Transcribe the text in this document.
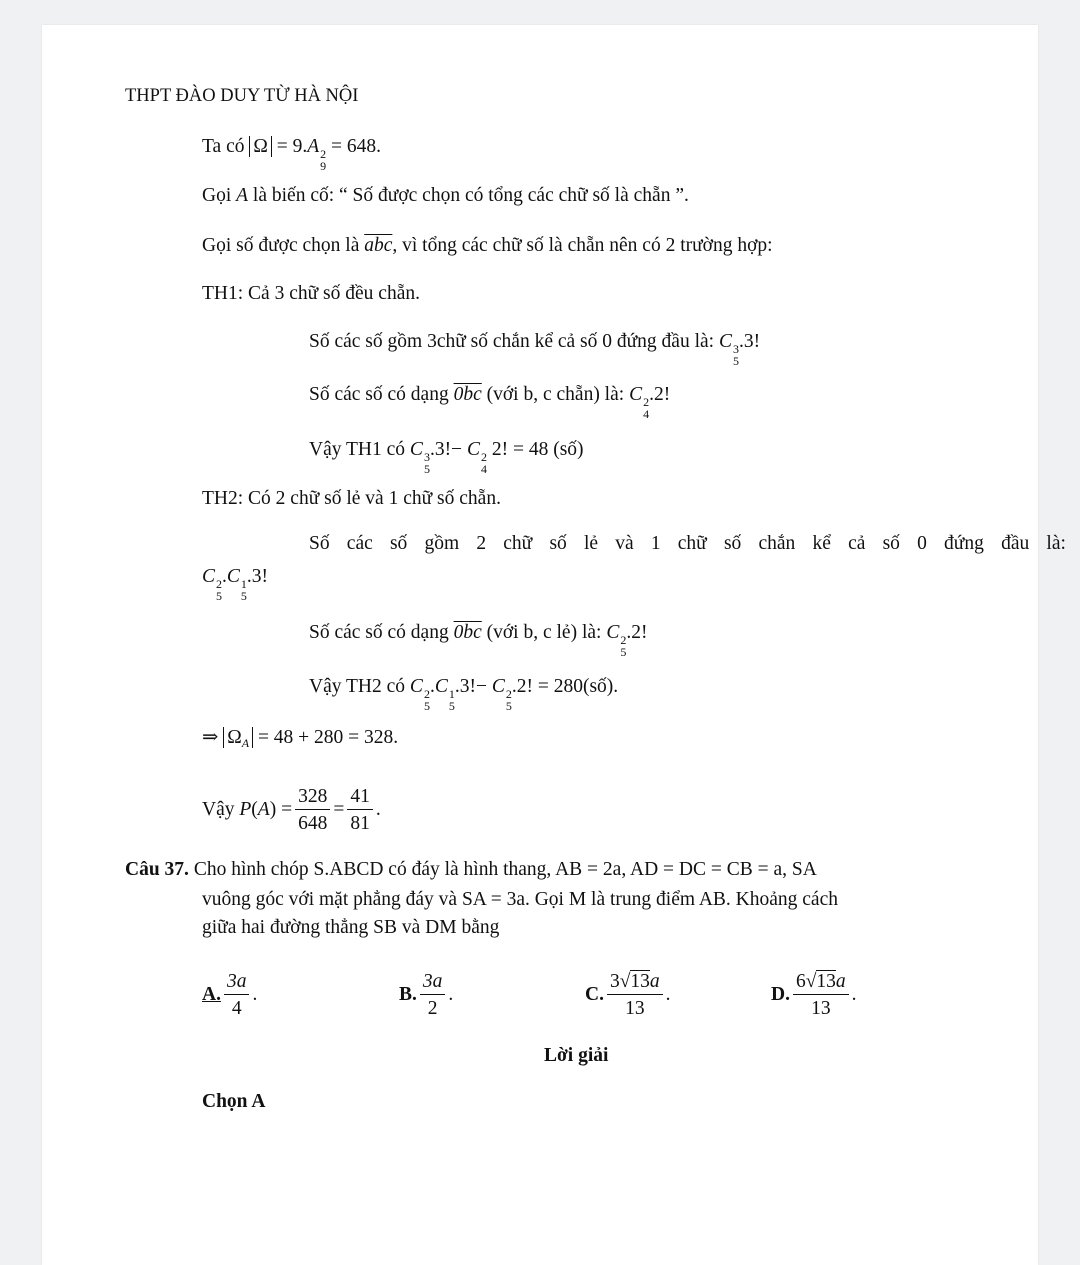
THPT ĐÀO DUY TỪ HÀ NỘI
Ta có Ω = 9.A 2
9
= 648.
Gọi A là biến cố: “ Số được chọn có tổng các chữ số là chẵn ”.
Gọi số được chọn là $\overline{abc}$, vì tổng các chữ số là chẵn nên có 2 trường hợp:
TH1: Cả 3 chữ số đều chẵn.
Số các số gồm 3chữ số chắn kể cả số 0 đứng đầu là: C 3
5
.3!
Số các số có dạng 0bc (với b, c chẵn) là: C 2
4
.2!
Vậy TH1 có C 3
5
.3!− C 2
4
2! = 48 (số)
TH2: Có 2 chữ số lẻ và 1 chữ số chẵn.
Số các số gồm 2 chữ số lẻ và 1 chữ số chắn kể cả số 0 đứng đầu là:
C 2
5
.C 1
5
.3!
Số các số có dạng 0bc (với b, c lẻ) là: C 2
5
.2!
Vậy TH2 có C 2
5
.C 1
5
.3!− C 2
5
.2! = 280(số).
⇒ $\Omega_A = 48 + 280 = 328$.
Vậy
P ( A ) = $\frac{328}{648} = \frac{41}{81}$ .
Câu 37. Cho hình chóp S.ABCD có đáy là hình thang, AB = 2a, AD = DC = CB = a, SA
vuông góc với mặt phẳng đáy và SA = 3a. Gọi M là trung điểm AB. Khoảng cách
giữa hai đường thẳng SB và DM bằng
A. $\frac{3a}{4}$ .	B. $\frac{3a}{2}$ .	C. $\frac{3√13a}{13}$ .	D. $\frac{6√13a}{13}$ .
Lời giải
Chọn A
